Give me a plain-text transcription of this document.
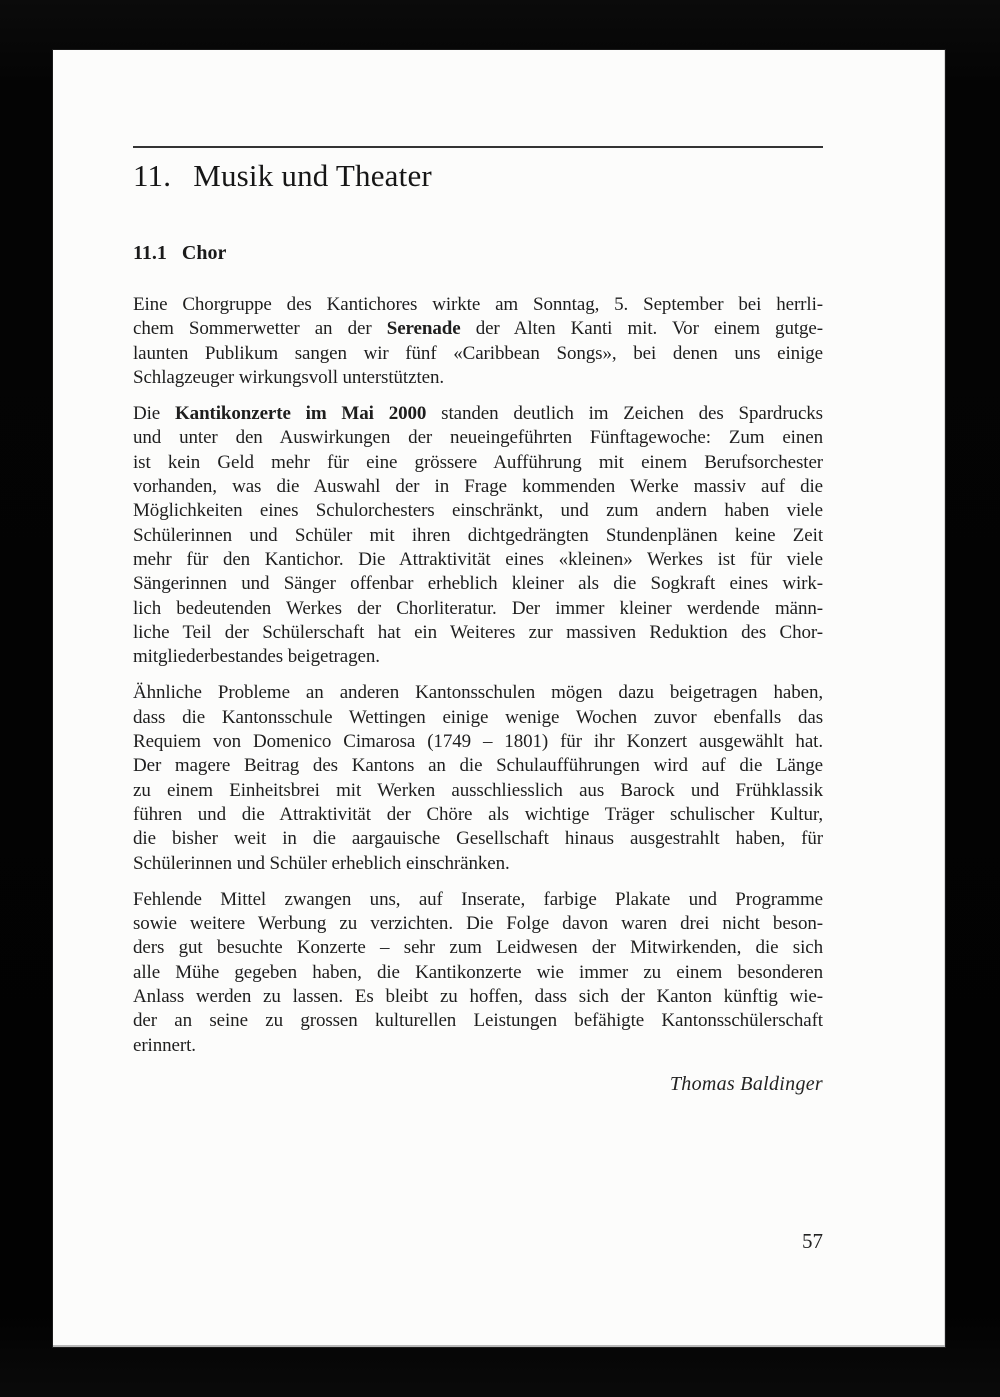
11. Musik und Theater
11.1 Chor

Eine Chorgruppe des Kantichores wirkte am Sonntag, 5. September bei herrli-
chem Sommerwetter an der Serenade der Alten Kanti mit. Vor einem gutge-
launten Publikum sangen wir fünf «Caribbean Songs», bei denen uns einige
Schlagzeuger wirkungsvoll unterstützten.

Die Kantikonzerte im Mai 2000 standen deutlich im Zeichen des Spardrucks
und unter den Auswirkungen der neueingeführten Fünftagewoche: Zum einen
ist kein Geld mehr für eine grössere Aufführung mit einem Berufsorchester
vorhanden, was die Auswahl der in Frage kommenden Werke massiv auf die
Möglichkeiten eines Schulorchesters einschränkt, und zum andern haben viele
Schülerinnen und Schüler mit ihren dichtgedrängten Stundenplänen keine Zeit
mehr für den Kantichor. Die Attraktivität eines «kleinen» Werkes ist für viele
Sängerinnen und Sänger offenbar erheblich kleiner als die Sogkraft eines wirk-
lich bedeutenden Werkes der Chorliteratur. Der immer kleiner werdende männ-
liche Teil der Schülerschaft hat ein Weiteres zur massiven Reduktion des Chor-
mitgliederbestandes beigetragen.

Ähnliche Probleme an anderen Kantonsschulen mögen dazu beigetragen haben,
dass die Kantonsschule Wettingen einige wenige Wochen zuvor ebenfalls das
Requiem von Domenico Cimarosa (1749 – 1801) für ihr Konzert ausgewählt hat.
Der magere Beitrag des Kantons an die Schulaufführungen wird auf die Länge
zu einem Einheitsbrei mit Werken ausschliesslich aus Barock und Frühklassik
führen und die Attraktivität der Chöre als wichtige Träger schulischer Kultur,
die bisher weit in die aargauische Gesellschaft hinaus ausgestrahlt haben, für
Schülerinnen und Schüler erheblich einschränken.

Fehlende Mittel zwangen uns, auf Inserate, farbige Plakate und Programme
sowie weitere Werbung zu verzichten. Die Folge davon waren drei nicht beson-
ders gut besuchte Konzerte – sehr zum Leidwesen der Mitwirkenden, die sich
alle Mühe gegeben haben, die Kantikonzerte wie immer zu einem besonderen
Anlass werden zu lassen. Es bleibt zu hoffen, dass sich der Kanton künftig wie-
der an seine zu grossen kulturellen Leistungen befähigte Kantonsschülerschaft
erinnert.

Thomas Baldinger
57
